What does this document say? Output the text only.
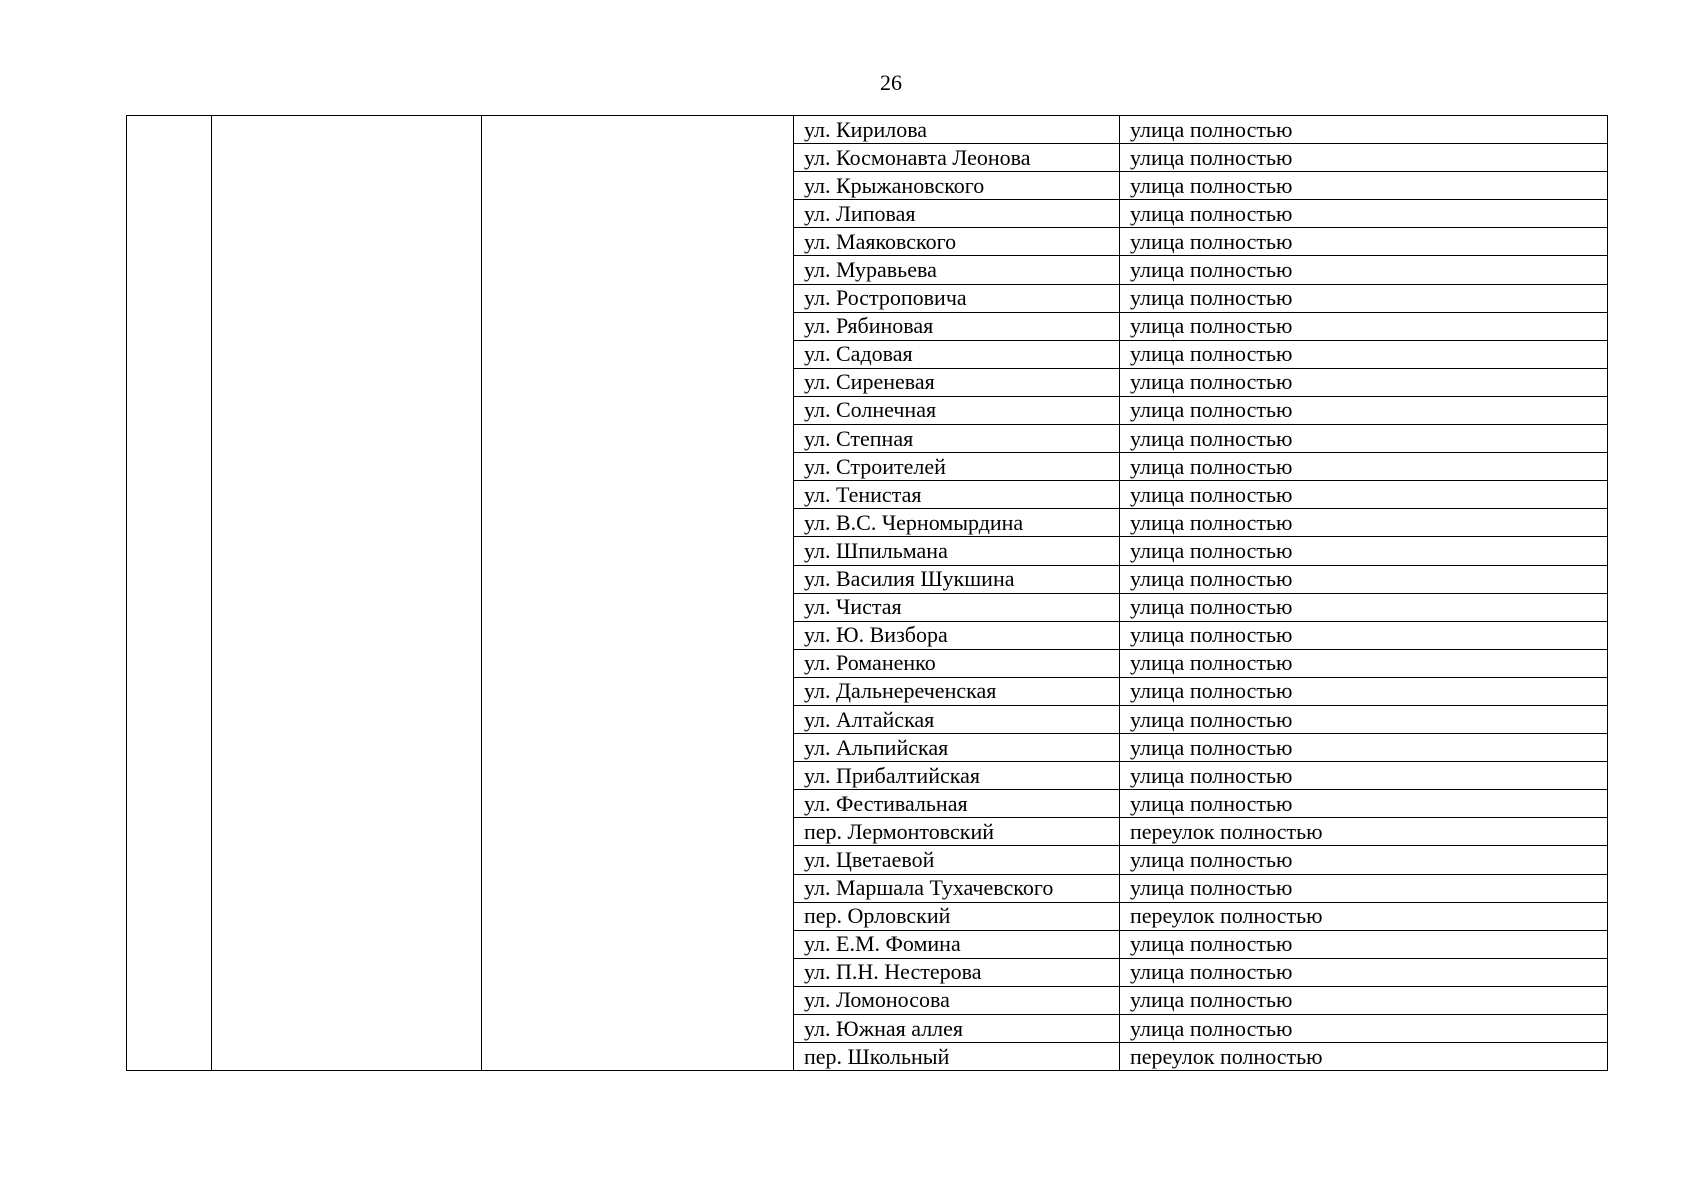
26
			ул. Кирилова	улица полностью
			ул. Космонавта Леонова	улица полностью
			ул. Крыжановского	улица полностью
			ул. Липовая	улица полностью
			ул. Маяковского	улица полностью
			ул. Муравьева	улица полностью
			ул. Ростроповича	улица полностью
			ул. Рябиновая	улица полностью
			ул. Садовая	улица полностью
			ул. Сиреневая	улица полностью
			ул. Солнечная	улица полностью
			ул. Степная	улица полностью
			ул. Строителей	улица полностью
			ул. Тенистая	улица полностью
			ул. В.С. Черномырдина	улица полностью
			ул. Шпильмана	улица полностью
			ул. Василия Шукшина	улица полностью
			ул. Чистая	улица полностью
			ул. Ю. Визбора	улица полностью
			ул. Романенко	улица полностью
			ул. Дальнереченская	улица полностью
			ул. Алтайская	улица полностью
			ул. Альпийская	улица полностью
			ул. Прибалтийская	улица полностью
			ул. Фестивальная	улица полностью
			пер. Лермонтовский	переулок полностью
			ул. Цветаевой	улица полностью
			ул. Маршала Тухачевского	улица полностью
			пер. Орловский	переулок полностью
			ул. Е.М. Фомина	улица полностью
			ул. П.Н. Нестерова	улица полностью
			ул. Ломоносова	улица полностью
			ул. Южная аллея	улица полностью
			пер. Школьный	переулок полностью
